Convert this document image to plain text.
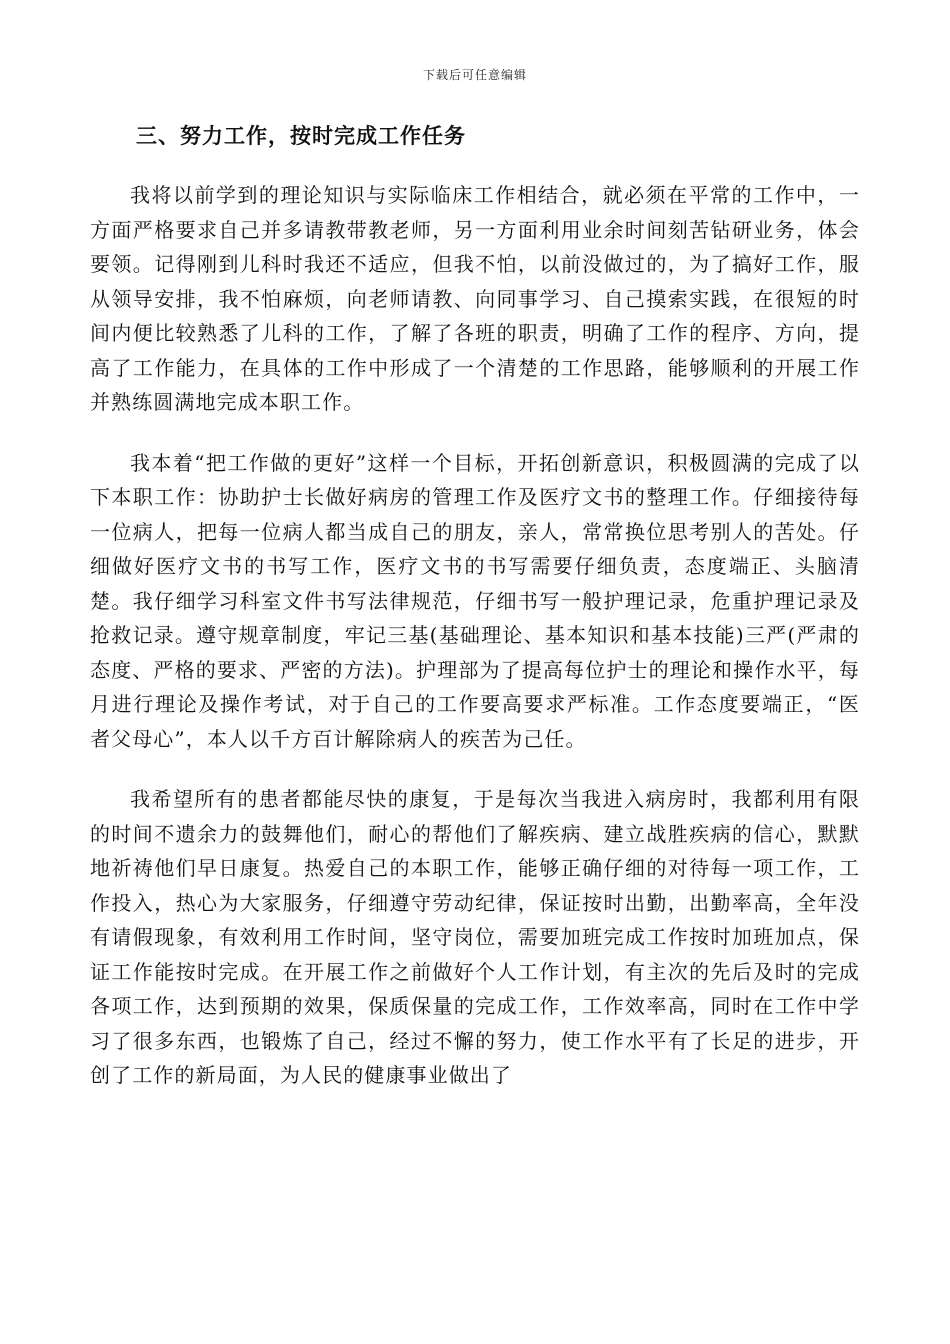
下载后可任意编辑
三、努力工作，按时完成工作任务

我将以前学到的理论知识与实际临床工作相结合，就必须在平常的工作中，一方面严格要求自己并多请教带教老师，另一方面利用业余时间刻苦钻研业务，体会要领。记得刚到儿科时我还不适应，但我不怕，以前没做过的，为了搞好工作，服从领导安排，我不怕麻烦，向老师请教、向同事学习、自己摸索实践，在很短的时间内便比较熟悉了儿科的工作，了解了各班的职责，明确了工作的程序、方向，提高了工作能力，在具体的工作中形成了一个清楚的工作思路，能够顺利的开展工作并熟练圆满地完成本职工作。

我本着“把工作做的更好”这样一个目标，开拓创新意识，积极圆满的完成了以下本职工作：协助护士长做好病房的管理工作及医疗文书的整理工作。仔细接待每一位病人，把每一位病人都当成自己的朋友，亲人，常常换位思考别人的苦处。仔细做好医疗文书的书写工作，医疗文书的书写需要仔细负责，态度端正、头脑清楚。我仔细学习科室文件书写法律规范，仔细书写一般护理记录，危重护理记录及抢救记录。遵守规章制度，牢记三基(基础理论、基本知识和基本技能)三严(严肃的态度、严格的要求、严密的方法)。护理部为了提高每位护士的理论和操作水平，每月进行理论及操作考试，对于自己的工作要高要求严标准。工作态度要端正，“医者父母心”，本人以千方百计解除病人的疾苦为己任。

我希望所有的患者都能尽快的康复，于是每次当我进入病房时，我都利用有限的时间不遗余力的鼓舞他们，耐心的帮他们了解疾病、建立战胜疾病的信心，默默地祈祷他们早日康复。热爱自己的本职工作，能够正确仔细的对待每一项工作，工作投入，热心为大家服务，仔细遵守劳动纪律，保证按时出勤，出勤率高，全年没有请假现象，有效利用工作时间，坚守岗位，需要加班完成工作按时加班加点，保证工作能按时完成。在开展工作之前做好个人工作计划，有主次的先后及时的完成各项工作，达到预期的效果，保质保量的完成工作，工作效率高，同时在工作中学习了很多东西，也锻炼了自己，经过不懈的努力，使工作水平有了长足的进步，开创了工作的新局面，为人民的健康事业做出了
